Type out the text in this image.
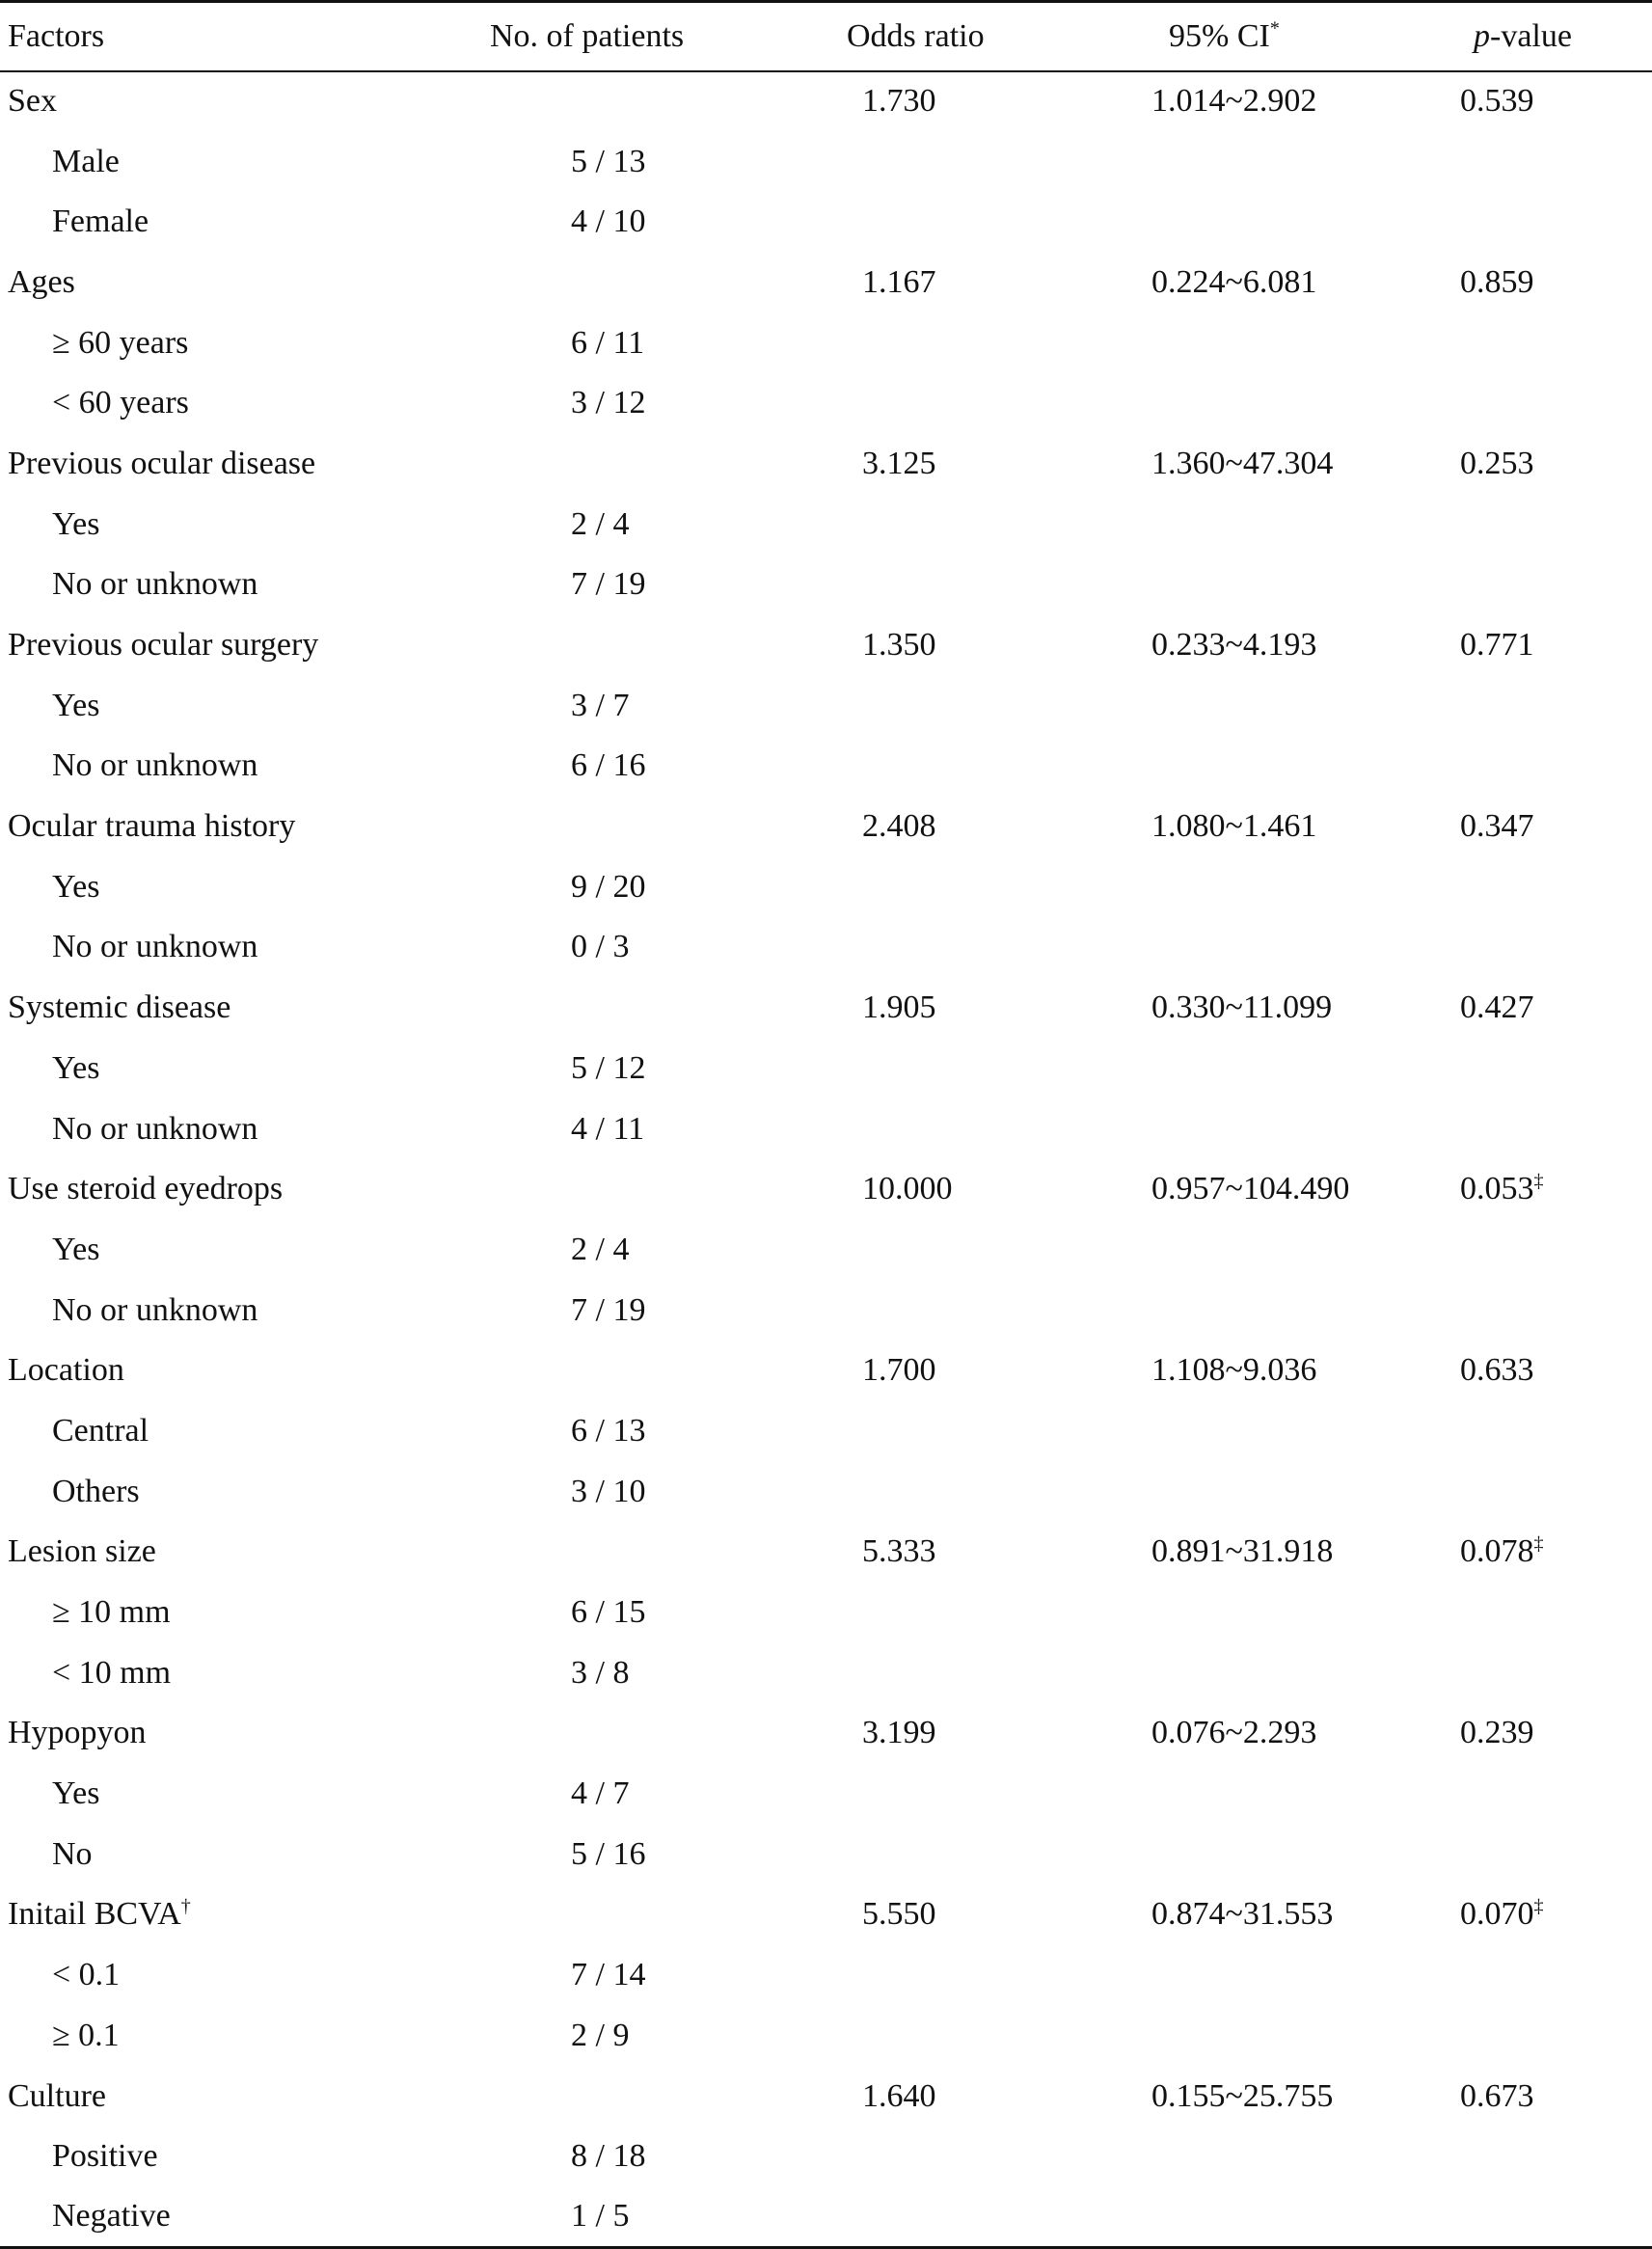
Factors	No. of patients	Odds ratio	95% CI*	p-value
Sex		1.730	1.014~2.902	0.539
Male	5 / 13			
Female	4 / 10			
Ages		1.167	0.224~6.081	0.859
≥ 60 years	6 / 11			
< 60 years	3 / 12			
Previous ocular disease		3.125	1.360~47.304	0.253
Yes	2 / 4			
No or unknown	7 / 19			
Previous ocular surgery		1.350	0.233~4.193	0.771
Yes	3 / 7			
No or unknown	6 / 16			
Ocular trauma history		2.408	1.080~1.461	0.347
Yes	9 / 20			
No or unknown	0 / 3			
Systemic disease		1.905	0.330~11.099	0.427
Yes	5 / 12			
No or unknown	4 / 11			
Use steroid eyedrops		10.000	0.957~104.490	0.053‡
Yes	2 / 4			
No or unknown	7 / 19			
Location		1.700	1.108~9.036	0.633
Central	6 / 13			
Others	3 / 10			
Lesion size		5.333	0.891~31.918	0.078‡
≥ 10 mm	6 / 15			
< 10 mm	3 / 8			
Hypopyon		3.199	0.076~2.293	0.239
Yes	4 / 7			
No	5 / 16			
Initail BCVA†		5.550	0.874~31.553	0.070‡
< 0.1	7 / 14			
≥ 0.1	2 / 9			
Culture		1.640	0.155~25.755	0.673
Positive	8 / 18			
Negative	1 / 5			
